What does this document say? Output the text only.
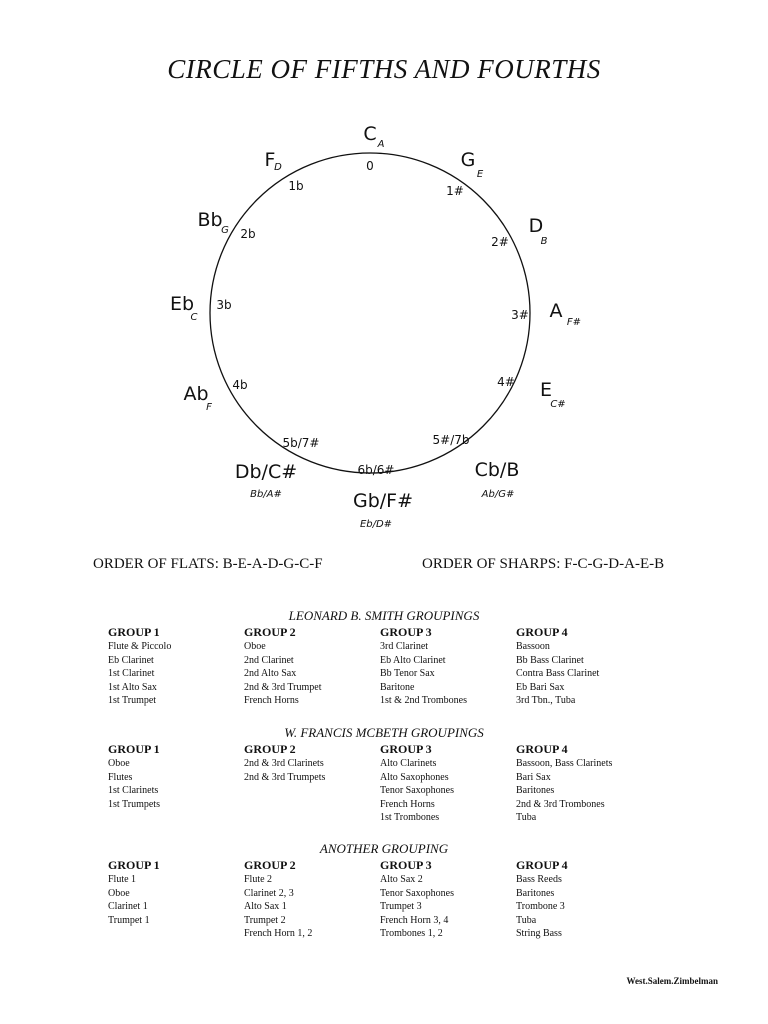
CIRCLE OF FIFTHS AND FOURTHS
C A
0	G
E
1#
D
B
2#
A
F#
3#
E
C#
4#
Cb/B
Ab/G#
5#/7b
Gb/F#
Eb/D#
6b/6#
Db/C#
Bb/A#
5b/7#
Ab
F
4b
Eb
C
3b
Bb
G 2b
F
D
1b
ORDER OF FLATS: B-E-A-D-G-C-F	ORDER OF SHARPS: F-C-G-D-A-E-B
LEONARD B. SMITH GROUPINGS
GROUP 1
Flute & Piccolo
Eb Clarinet
1st Clarinet
1st Alto Sax
1st Trumpet
GROUP 2
Oboe
2nd Clarinet
2nd Alto Sax
2nd & 3rd Trumpet
French Horns
GROUP 3
3rd Clarinet
Eb Alto Clarinet
Bb Tenor Sax
Baritone
1st & 2nd Trombones
GROUP 4
Bassoon
Bb Bass Clarinet
Contra Bass Clarinet
Eb Bari Sax
3rd Tbn., Tuba
W. FRANCIS MCBETH GROUPINGS
GROUP 1
Oboe
Flutes
1st Clarinets
1st Trumpets
GROUP 2
2nd & 3rd Clarinets
2nd & 3rd Trumpets
GROUP 3
Alto Clarinets
Alto Saxophones
Tenor Saxophones
French Horns
1st Trombones
GROUP 4
Bassoon, Bass Clarinets
Bari Sax
Baritones
2nd & 3rd Trombones
Tuba
ANOTHER GROUPING
GROUP 1
Flute 1
Oboe
Clarinet 1
Trumpet 1
GROUP 2
Flute 2
Clarinet 2, 3
Alto Sax 1
Trumpet 2
French Horn 1, 2
GROUP 3
Alto Sax 2
Tenor Saxophones
Trumpet 3
French Horn 3, 4
Trombones 1, 2
GROUP 4
Bass Reeds
Baritones
Trombone 3
Tuba
String Bass
West.Salem.Zimbelman
